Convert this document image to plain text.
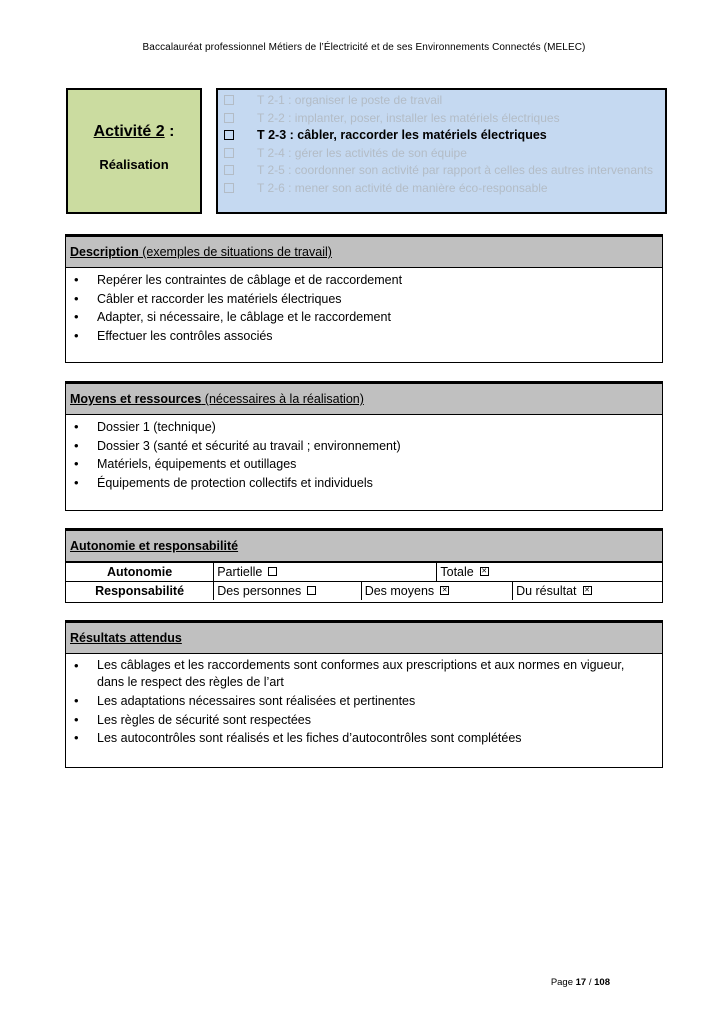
Baccalauréat professionnel Métiers de l’Électricité et de ses Environnements Connectés (MELEC)
Activité 2 :
Réalisation
T 2-1 : organiser le poste de travail
T 2-2 : implanter, poser, installer les matériels électriques
T 2-3 : câbler, raccorder les matériels électriques
T 2-4 : gérer les activités de son équipe
T 2-5 : coordonner son activité par rapport à celles des autres intervenants
T 2-6 : mener son activité de manière éco-responsable
Description (exemples de situations de travail)
•	Repérer les contraintes de câblage et de raccordement
•	Câbler et raccorder les matériels électriques
•	Adapter, si nécessaire, le câblage et le raccordement
•	Effectuer les contrôles associés
Moyens et ressources (nécessaires à la réalisation)
•	Dossier 1 (technique)
•	Dossier 3 (santé et sécurité au travail ; environnement)
•	Matériels, équipements et outillages
•	Équipements de protection collectifs et individuels
Autonomie et responsabilité
Autonomie	Partielle		Totale✕
Responsabilité	Des personnes	Des moyens✕		Du résultat✕
Résultats attendus
•	Les câblages et les raccordements sont conformes aux prescriptions et aux normes en vigueur, dans le respect des règles de l’art
•	Les adaptations nécessaires sont réalisées et pertinentes
•	Les règles de sécurité sont respectées
•	Les autocontrôles sont réalisés et les fiches d’autocontrôles sont complétées
Page 17 / 108
